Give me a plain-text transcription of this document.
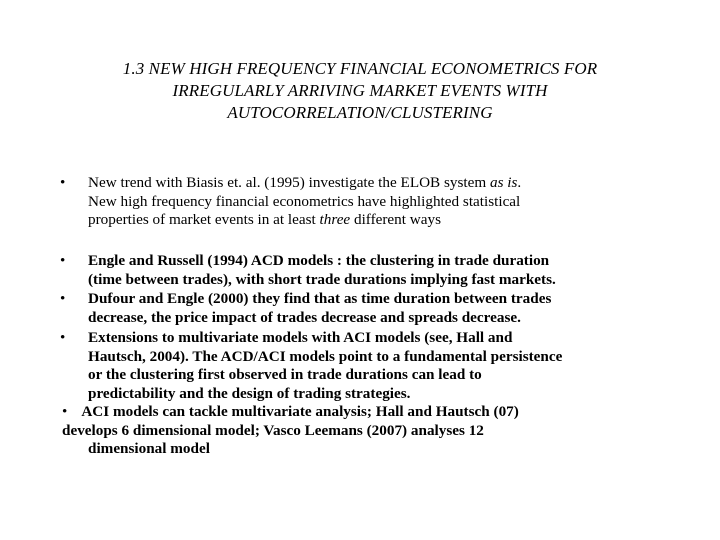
1.3 NEW HIGH FREQUENCY FINANCIAL ECONOMETRICS FOR
IRREGULARLY ARRIVING MARKET EVENTS WITH
AUTOCORRELATION/CLUSTERING
• New trend with Biasis et. al. (1995) investigate the ELOB system as is.
New high frequency financial econometrics have highlighted statistical
properties of market events in at least three different ways
• Engle and Russell (1994) ACD models : the clustering in trade duration
(time between trades), with short trade durations implying fast markets.
• Dufour and Engle (2000) they find that as time duration between trades
decrease, the price impact of trades decrease and spreads decrease.
• Extensions to multivariate models with ACI models (see, Hall and
Hautsch, 2004). The ACD/ACI models point to a fundamental persistence
or the clustering first observed in trade durations can lead to
predictability and the design of trading strategies.
• ACI models can tackle multivariate analysis; Hall and Hautsch (07)
develops 6 dimensional model; Vasco Leemans (2007) analyses 12
dimensional model
